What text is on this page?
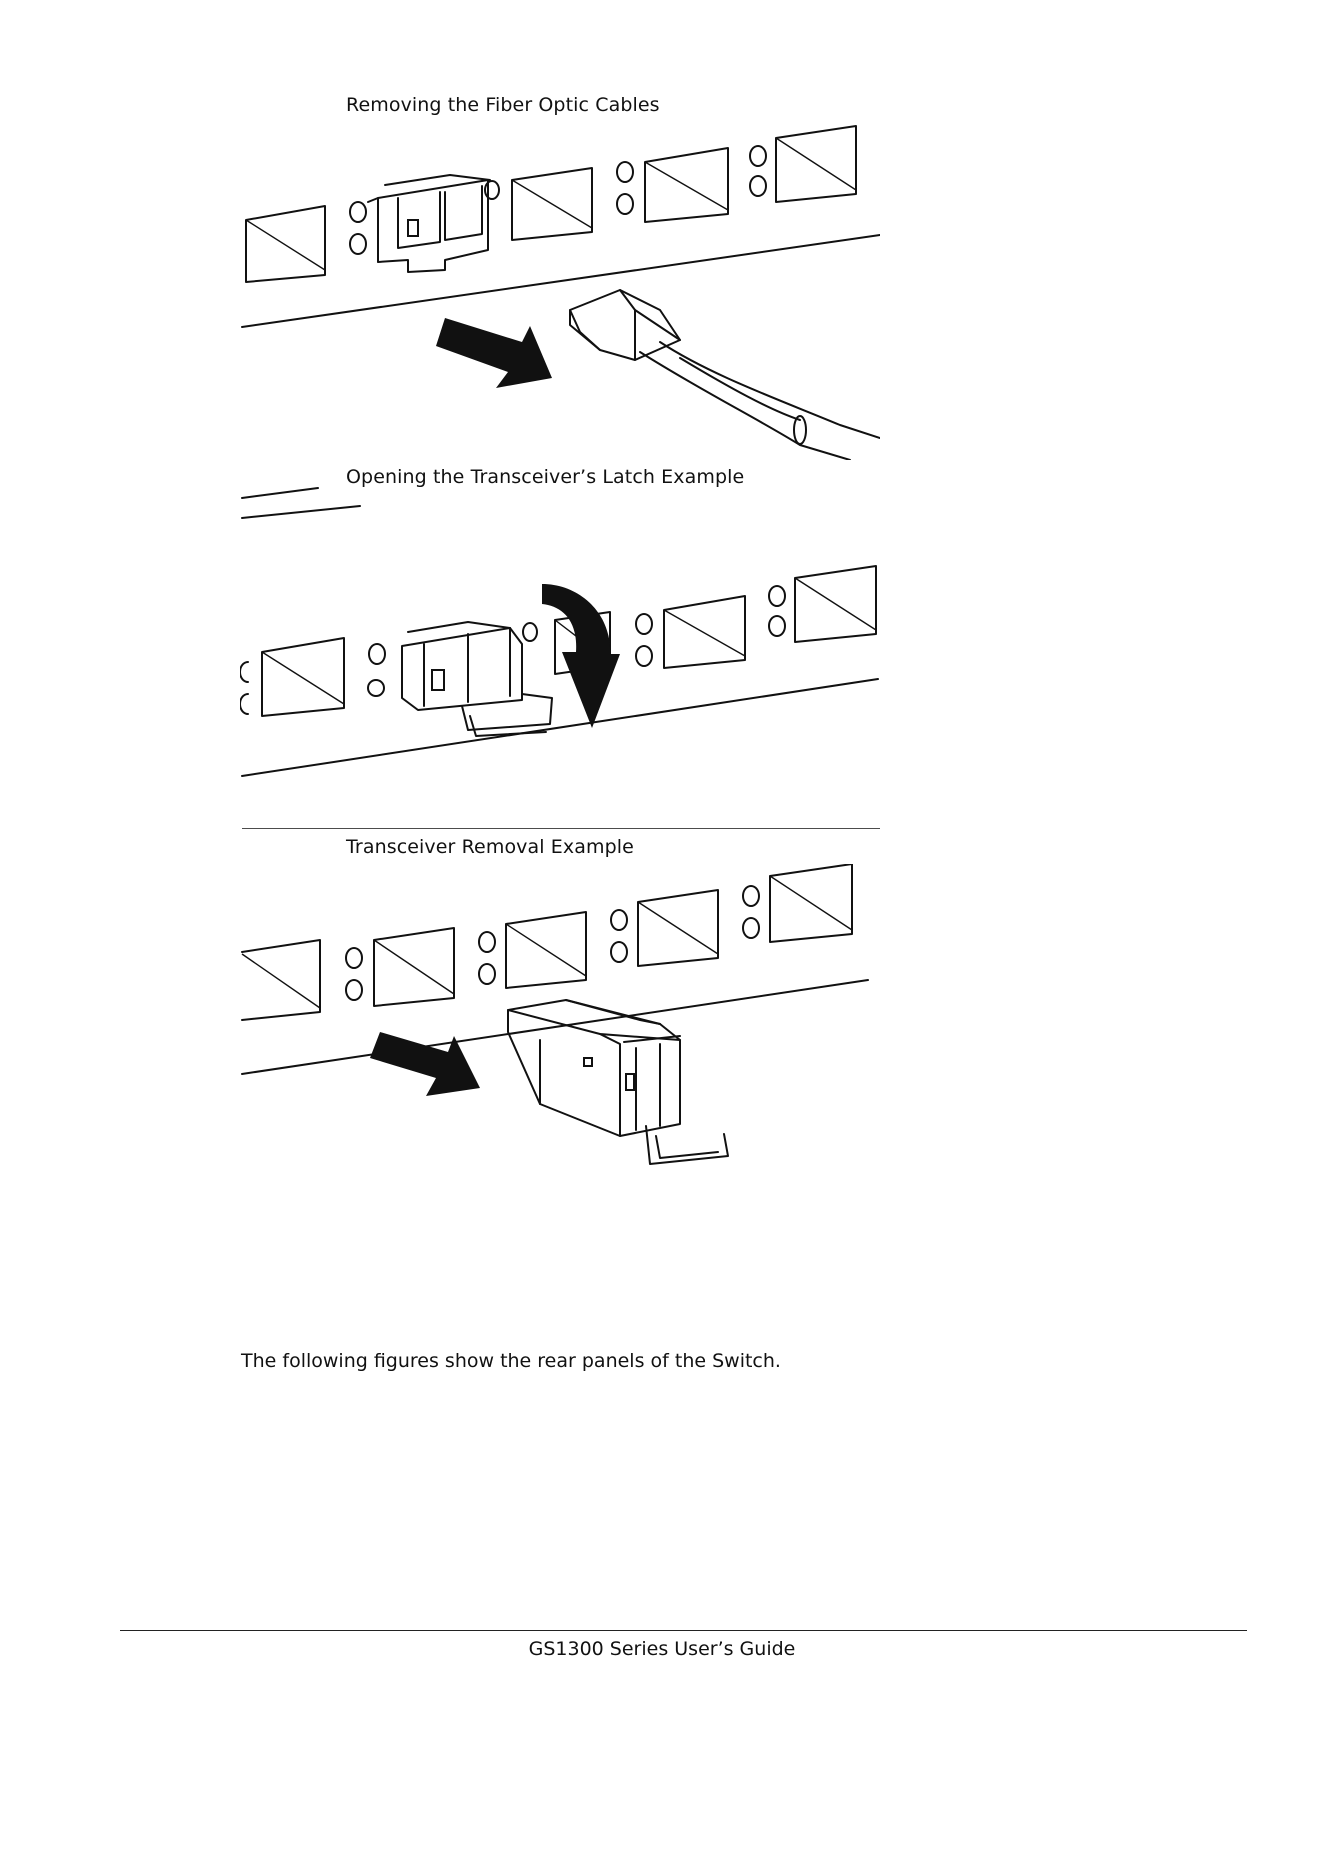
Removing the Fiber Optic Cables
Opening the Transceiver’s Latch Example
Transceiver Removal Example
The following figures show the rear panels of the Switch.
GS1300 Series User’s Guide
